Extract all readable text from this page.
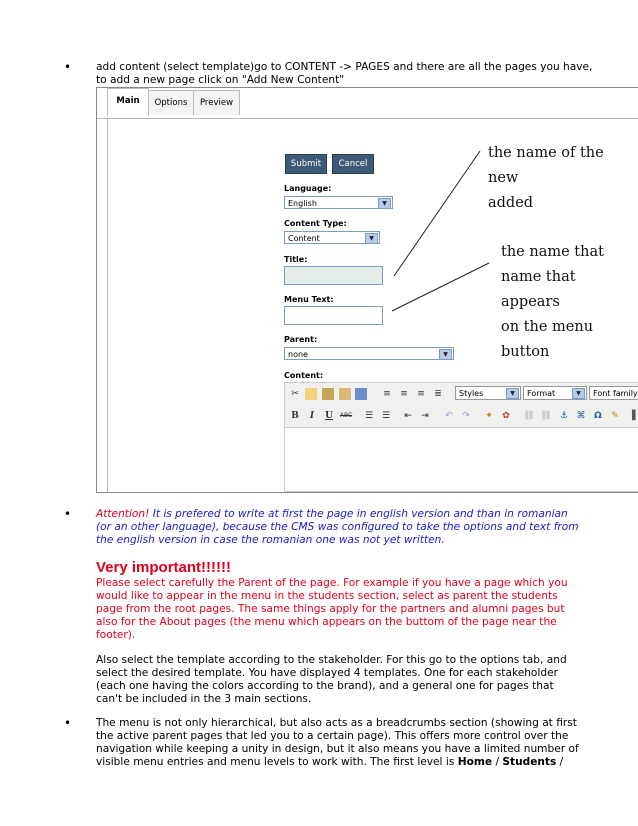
• add content (select template)go to CONTENT -> PAGES and there are all the pages you have, to add a new page click on "Add New Content"

Main	Options	Preview
Submit	Cancel
Language:
English	▼
Content Type:
Content	▼
Title:
Menu Text:
Parent:
none	▼
Content:
✂	≡ ≡ ≡ ≣	Styles	▼	Format	▼	Font family
B	I	U	ABC ☰ ☰ ⇤ ⇥ ↶ ↷ ✦ ✿ ⛓ ⛓ ⚓ ⌘ Ω ✎ ▐
the name of the new
added
the name that
name that appears
on the menu
button
• Attention! It is prefered to write at first the page in english version and than in romanian (or an other language), because the CMS was configured to take the options and text from the english version in case the romanian one was not yet written.

Very important!!!!!!

Please select carefully the Parent of the page. For example if you have a page which you would like to appear in the menu in the students section, select as parent the students page from the root pages. The same things apply for the partners and alumni pages but also for the About pages (the menu which appears on the buttom of the page near the footer).

Also select the template according to the stakeholder. For this go to the options tab, and select the desired template. You have displayed 4 templates. One for each stakeholder (each one having the colors according to the brand), and a general one for pages that can't be included in the 3 main sections.

• The menu is not only hierarchical, but also acts as a breadcrumbs section (showing at first the active parent pages that led you to a certain page). This offers more control over the navigation while keeping a unity in design, but it also means you have a limited number of visible menu entries and menu levels to work with. The first level is Home / Students /
